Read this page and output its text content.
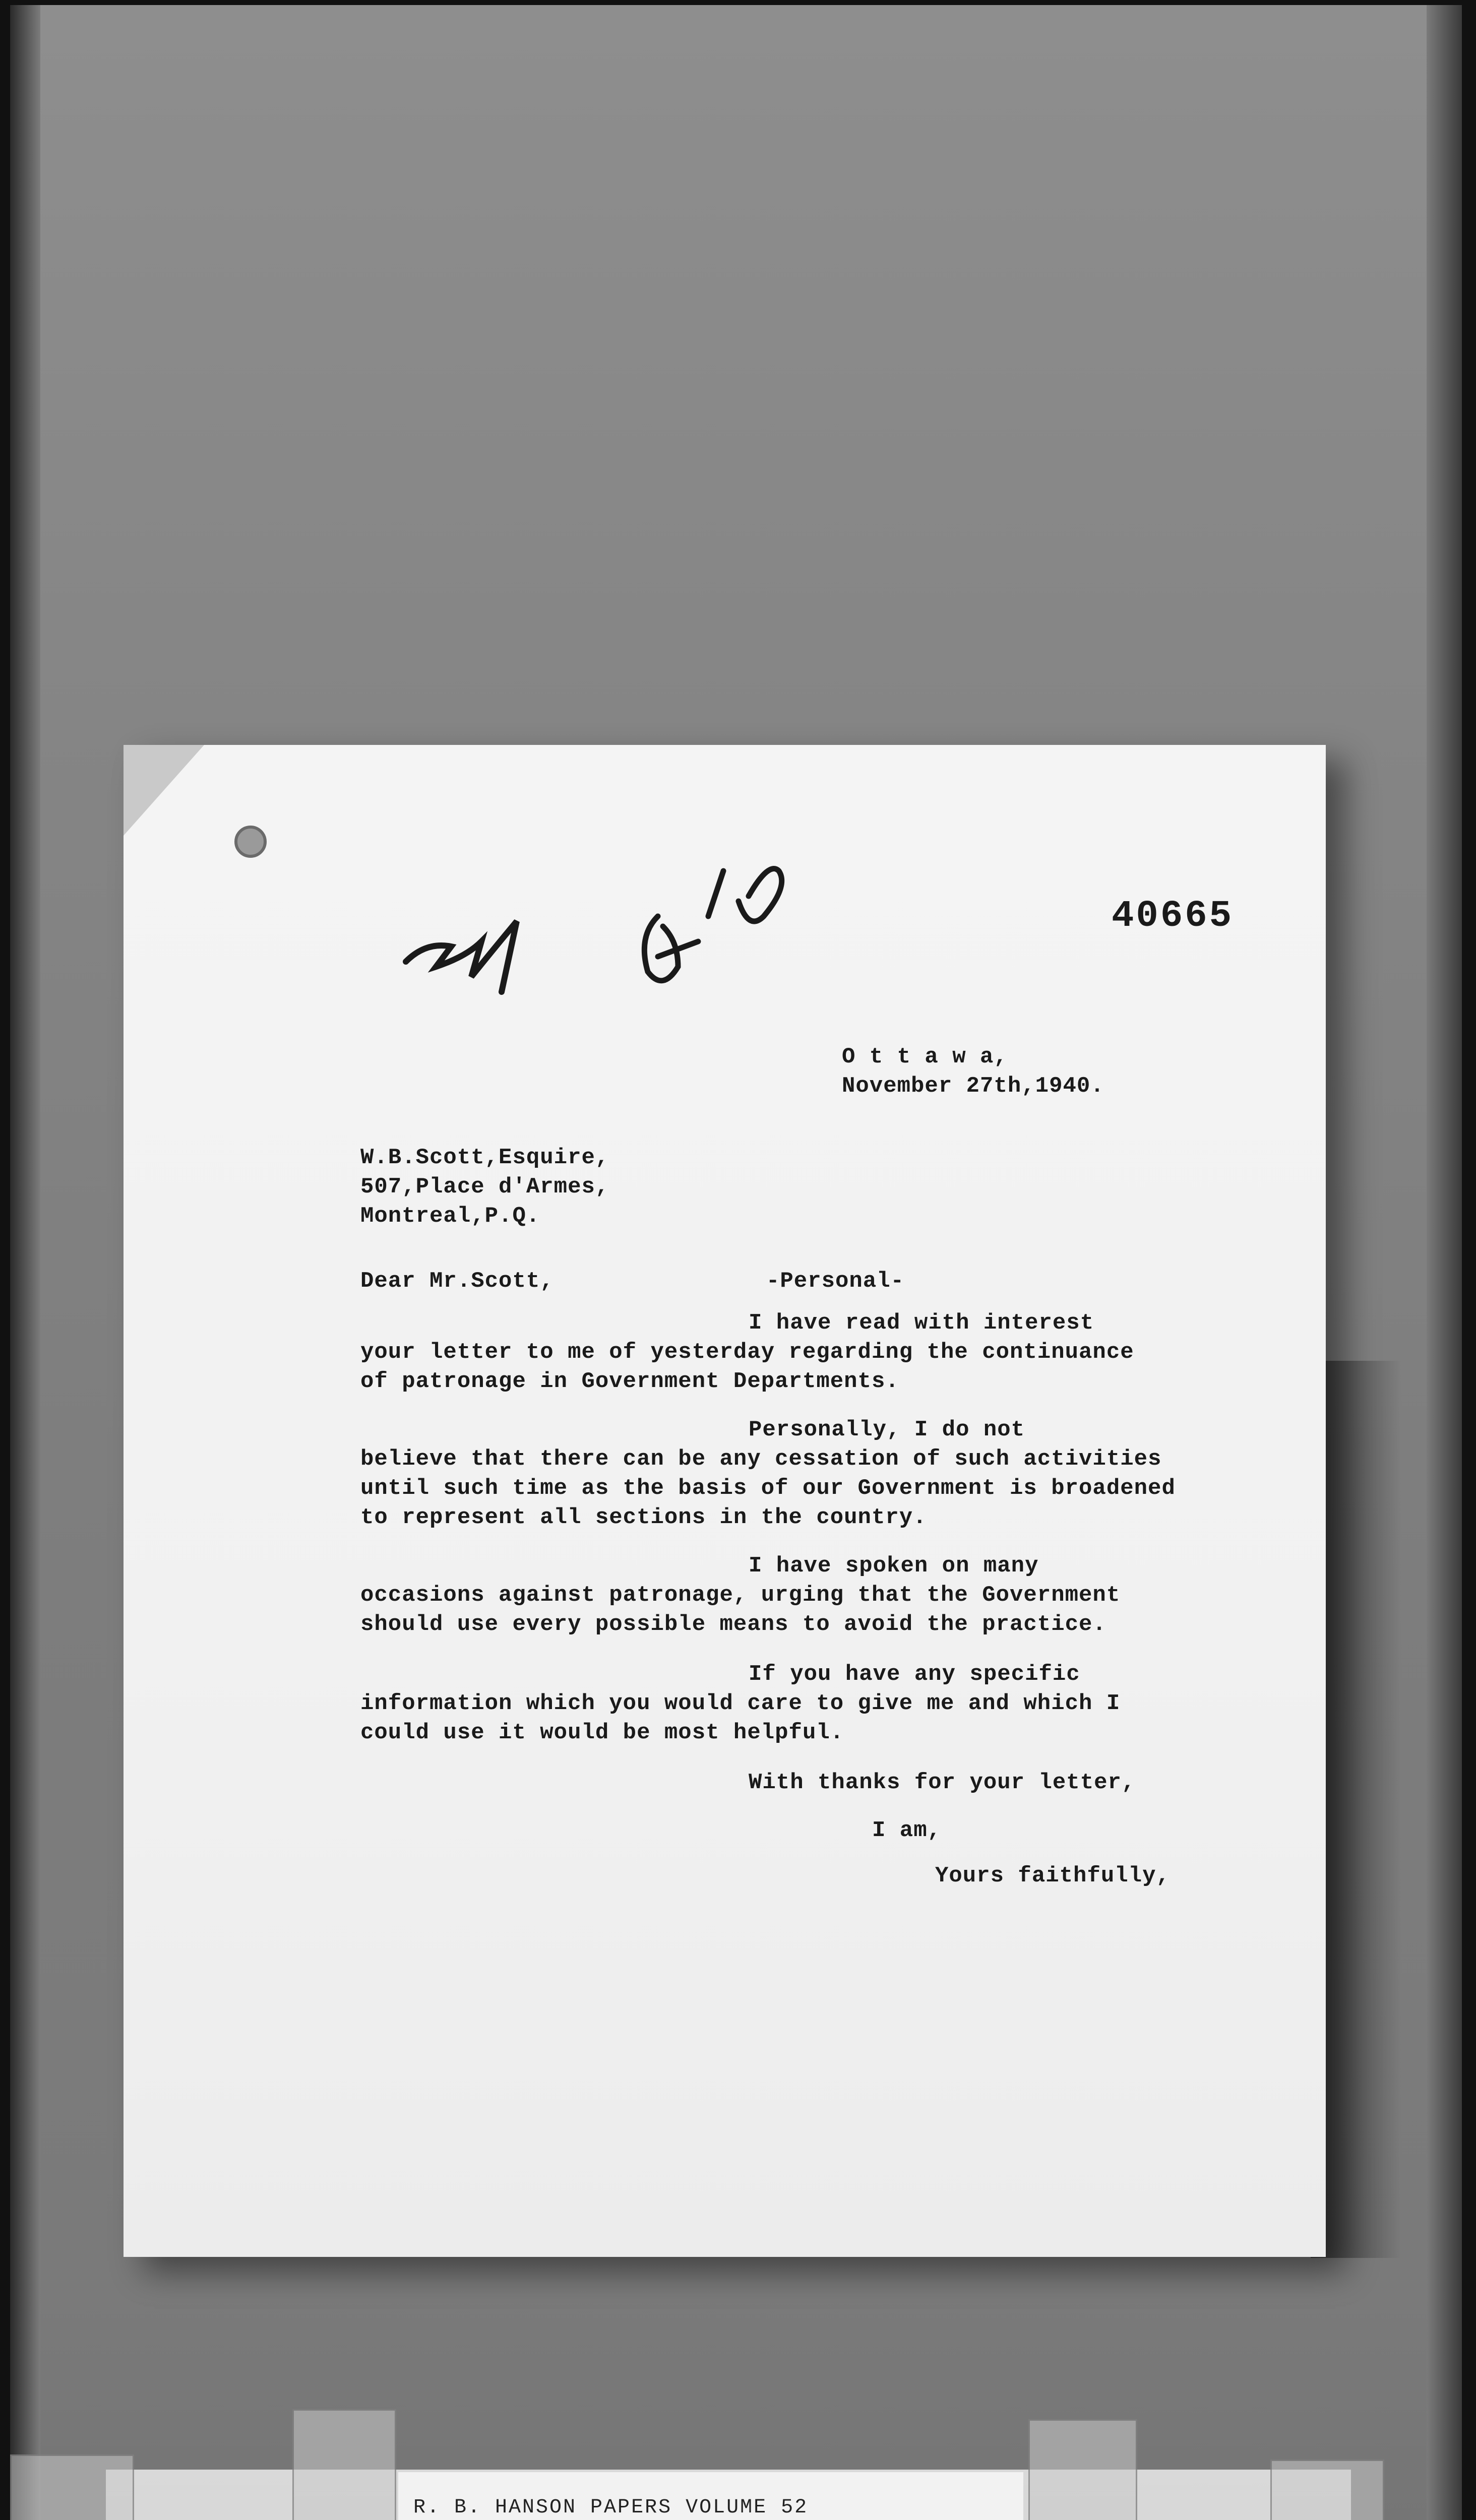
40665
O t t a w a,
November 27th,1940.
W.B.Scott,Esquire,
507,Place d'Armes,
Montreal,P.Q.
Dear Mr.Scott,	-Personal-
I have read with interest
your letter to me of yesterday regarding the continuance
of patronage in Government Departments.
Personally, I do not
believe that there can be any cessation of such activities
until such time as the basis of our Government is broadened
to represent all sections in the country.
I have spoken on many
occasions against patronage, urging that the Government
should use every possible means to avoid the practice.
If you have any specific
information which you would care to give me and which I
could use it would be most helpful.
With thanks for your letter,
I am,
Yours faithfully,
R. B. HANSON PAPERS VOLUME 52
